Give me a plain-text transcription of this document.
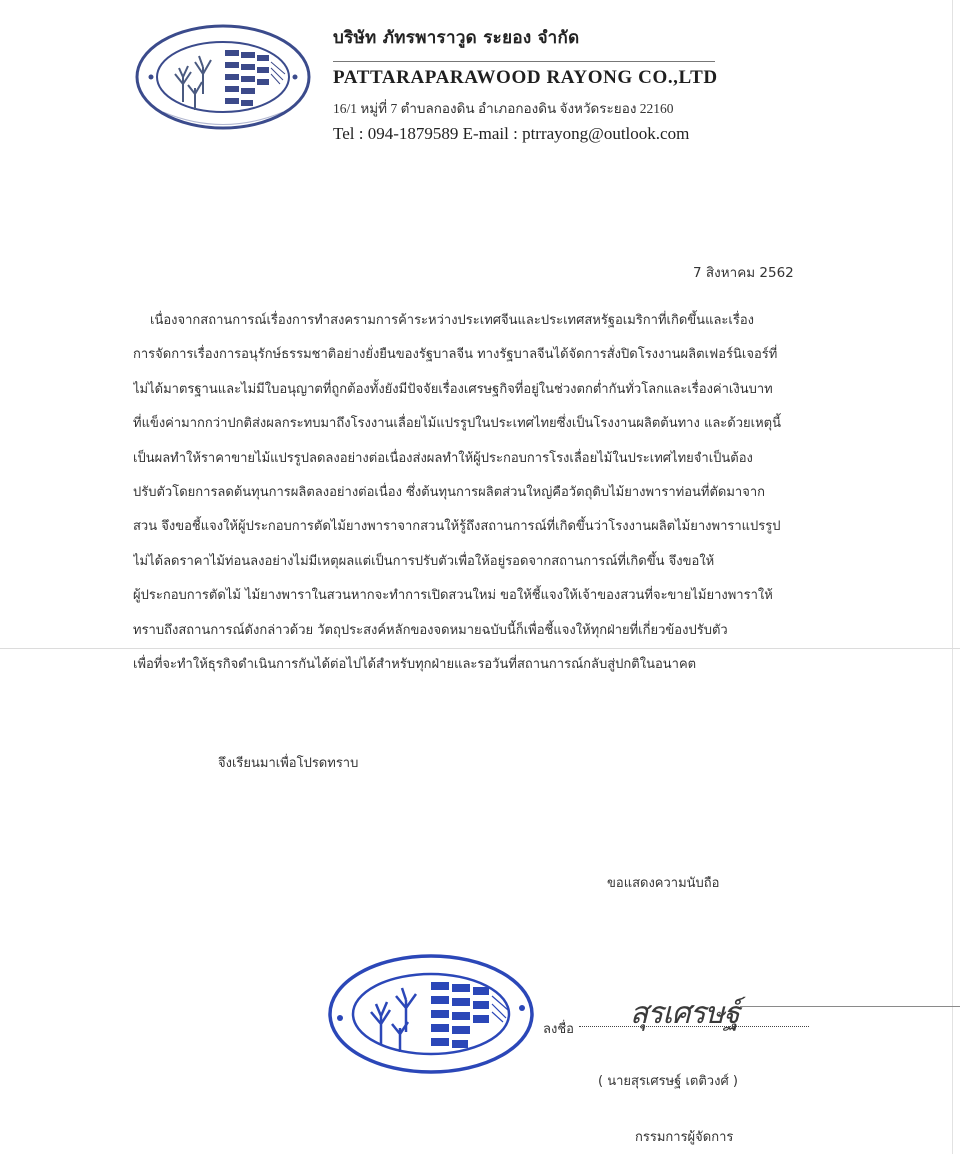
บริษัท ภัทรพาราวูด ระยอง จำกัด
PATTARAPARAWOOD RAYONG CO.,LTD
16/1 หมู่ที่ 7 ตำบลกองดิน อำเภอกองดิน จังหวัดระยอง 22160
Tel : 094-1879589 E-mail : ptrrayong@outlook.com
7 สิงหาคม 2562
เนื่องจากสถานการณ์เรื่องการทำสงครามการค้าระหว่างประเทศจีนและประเทศสหรัฐอเมริกาที่เกิดขึ้นและเรื่อง
การจัดการเรื่องการอนุรักษ์ธรรมชาติอย่างยั่งยืนของรัฐบาลจีน ทางรัฐบาลจีนได้จัดการสั่งปิดโรงงานผลิตเฟอร์นิเจอร์ที่
ไม่ได้มาตรฐานและไม่มีใบอนุญาตที่ถูกต้องทั้งยังมีปัจจัยเรื่องเศรษฐกิจที่อยู่ในช่วงตกต่ำกันทั่วโลกและเรื่องค่าเงินบาท
ที่แข็งค่ามากกว่าปกติส่งผลกระทบมาถึงโรงงานเลื่อยไม้แปรรูปในประเทศไทยซึ่งเป็นโรงงานผลิตต้นทาง และด้วยเหตุนี้
เป็นผลทำให้ราคาขายไม้แปรรูปลดลงอย่างต่อเนื่องส่งผลทำให้ผู้ประกอบการโรงเลื่อยไม้ในประเทศไทยจำเป็นต้อง
ปรับตัวโดยการลดต้นทุนการผลิตลงอย่างต่อเนื่อง ซึ่งต้นทุนการผลิตส่วนใหญ่คือวัตถุดิบไม้ยางพาราท่อนที่ตัดมาจาก
สวน จึงขอชี้แจงให้ผู้ประกอบการตัดไม้ยางพาราจากสวนให้รู้ถึงสถานการณ์ที่เกิดขึ้นว่าโรงงานผลิตไม้ยางพาราแปรรูป
ไม่ได้ลดราคาไม้ท่อนลงอย่างไม่มีเหตุผลแต่เป็นการปรับตัวเพื่อให้อยู่รอดจากสถานการณ์ที่เกิดขึ้น จึงขอให้
ผู้ประกอบการตัดไม้ ไม้ยางพาราในสวนหากจะทำการเปิดสวนใหม่ ขอให้ชี้แจงให้เจ้าของสวนที่จะขายไม้ยางพาราให้
ทราบถึงสถานการณ์ดังกล่าวด้วย วัตถุประสงค์หลักของจดหมายฉบับนี้ก็เพื่อชี้แจงให้ทุกฝ่ายที่เกี่ยวข้องปรับตัว
เพื่อที่จะทำให้ธุรกิจดำเนินการกันได้ต่อไปได้สำหรับทุกฝ่ายและรอวันที่สถานการณ์กลับสู่ปกติในอนาคต
จึงเรียนมาเพื่อโปรดทราบ
ขอแสดงความนับถือ
ลงชื่อ สุรเศรษฐ์
( นายสุรเศรษฐ์ เตติวงศ์ )
กรรมการผู้จัดการ
